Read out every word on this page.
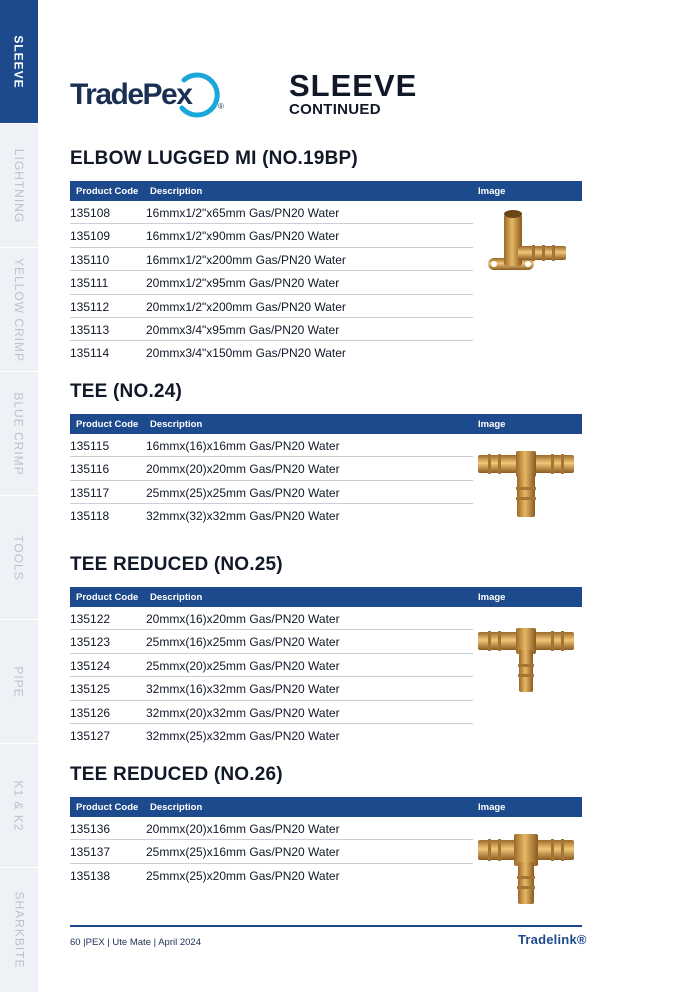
SLEEVE
LIGHTNING
YELLOW CRIMP
BLUE CRIMP
TOOLS
PIPE
K1 & K2
SHARKBITE
TradePex	®
SLEEVE
CONTINUED
ELBOW LUGGED MI (NO.19BP)
Product Code Description	Image
135108	16mmx1/2"x65mm Gas/PN20 Water
135109	16mmx1/2"x90mm Gas/PN20 Water
135110	16mmx1/2"x200mm Gas/PN20 Water
135111	20mmx1/2"x95mm Gas/PN20 Water
135112	20mmx1/2"x200mm Gas/PN20 Water
135113	20mmx3/4"x95mm Gas/PN20 Water
135114	20mmx3/4"x150mm Gas/PN20 Water
TEE (NO.24)
Product Code Description	Image
135115	16mmx(16)x16mm Gas/PN20 Water
135116	20mmx(20)x20mm Gas/PN20 Water
135117	25mmx(25)x25mm Gas/PN20 Water
135118	32mmx(32)x32mm Gas/PN20 Water
TEE REDUCED (NO.25)
Product Code Description	Image
135122	20mmx(16)x20mm Gas/PN20 Water
135123	25mmx(16)x25mm Gas/PN20 Water
135124	25mmx(20)x25mm Gas/PN20 Water
135125	32mmx(16)x32mm Gas/PN20 Water
135126	32mmx(20)x32mm Gas/PN20 Water
135127	32mmx(25)x32mm Gas/PN20 Water
TEE REDUCED (NO.26)
Product Code Description	Image
135136	20mmx(20)x16mm Gas/PN20 Water
135137	25mmx(25)x16mm Gas/PN20 Water
135138	25mmx(25)x20mm Gas/PN20 Water
60 |PEX | Ute Mate | April 2024	Tradelink®
